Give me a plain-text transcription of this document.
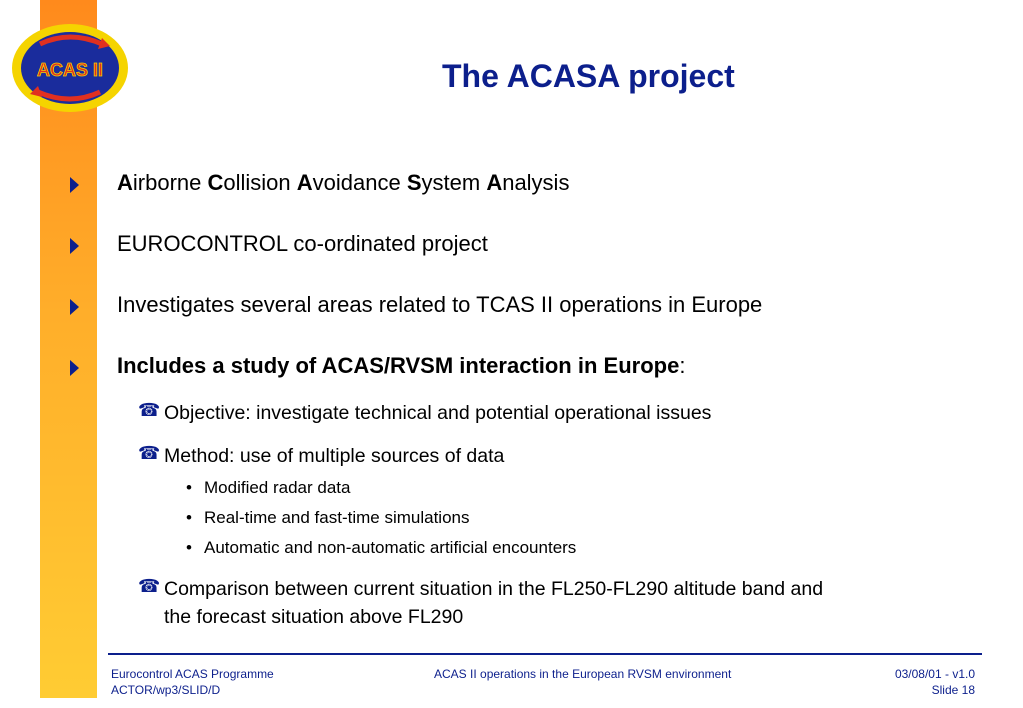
ACAS II	The ACASA project
Airborne Collision Avoidance System Analysis
EUROCONTROL co-ordinated project
Investigates several areas related to TCAS II operations in Europe
Includes a study of ACAS/RVSM interaction in Europe:
☎ Objective: investigate technical and potential operational issues
☎ Method: use of multiple sources of data
• Modified radar data
• Real-time and fast-time simulations
• Automatic and non-automatic artificial encounters
☎ Comparison between current situation in the FL250-FL290 altitude band and
the forecast situation above FL290
Eurocontrol ACAS Programme
ACTOR/wp3/SLID/D
ACAS II operations in the European RVSM environment	03/08/01 - v1.0
Slide 18
